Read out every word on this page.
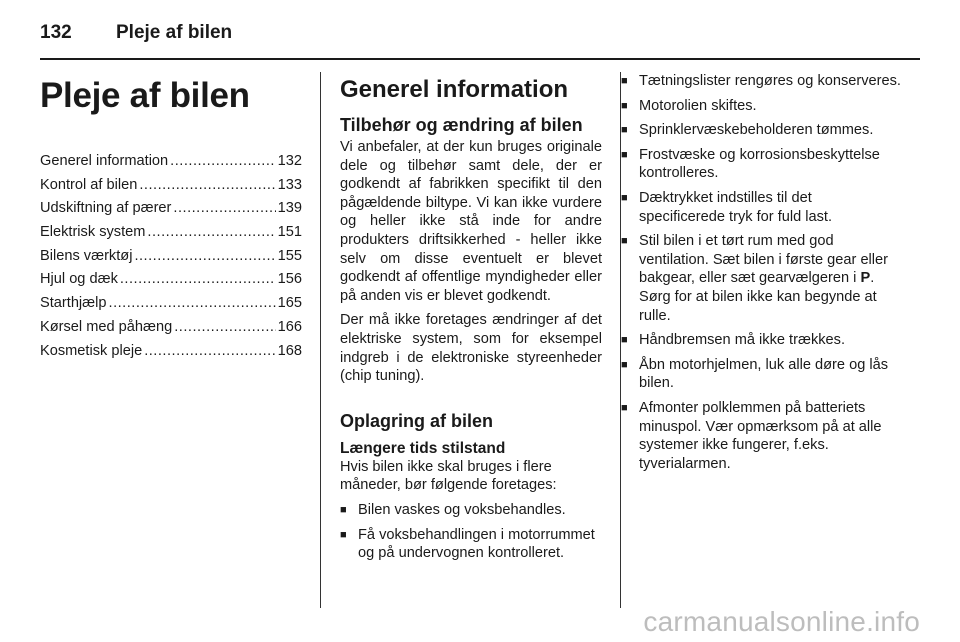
132	Pleje af bilen
Pleje af bilen
Generel information .....	132
Kontrol af bilen .....	133
Udskiftning af pærer .....	139
Elektrisk system .....	151
Bilens værktøj .....	155
Hjul og dæk .....	156
Starthjælp .....	165
Kørsel med påhæng .....	166
Kosmetisk pleje .....	168
Generel information
Tilbehør og ændring af bilen

Vi anbefaler, at der kun bruges originale dele og tilbehør samt dele, der er godkendt af fabrikken specifikt til den pågældende biltype. Vi kan ikke vurdere og heller ikke stå inde for andre produkters driftsikkerhed - heller ikke selv om disse eventuelt er blevet godkendt af offentlige myndigheder eller på anden vis er blevet godkendt.

Der må ikke foretages ændringer af det elektriske system, som for eksempel indgreb i de elektroniske styreenheder (chip tuning).

Oplagring af bilen
Længere tids stilstand

Hvis bilen ikke skal bruges i flere måneder, bør følgende foretages:

■ Bilen vaskes og voksbehandles.
■ Få voksbehandlingen i motorrummet og på undervognen kontrolleret.
■ Tætningslister rengøres og konserveres.
■ Motorolien skiftes.
■ Sprinklervæskebeholderen tømmes.
■ Frostvæske og korrosionsbeskyttelse kontrolleres.
■ Dæktrykket indstilles til det specificerede tryk for fuld last.
■ Stil bilen i et tørt rum med god ventilation. Sæt bilen i første gear eller bakgear, eller sæt gearvælgeren i P. Sørg for at bilen ikke kan begynde at rulle.
■ Håndbremsen må ikke trækkes.
■ Åbn motorhjelmen, luk alle døre og lås bilen.
■ Afmonter polklemmen på batteriets minuspol. Vær opmærksom på at alle systemer ikke fungerer, f.eks. tyverialarmen.
carmanualsonline.info
